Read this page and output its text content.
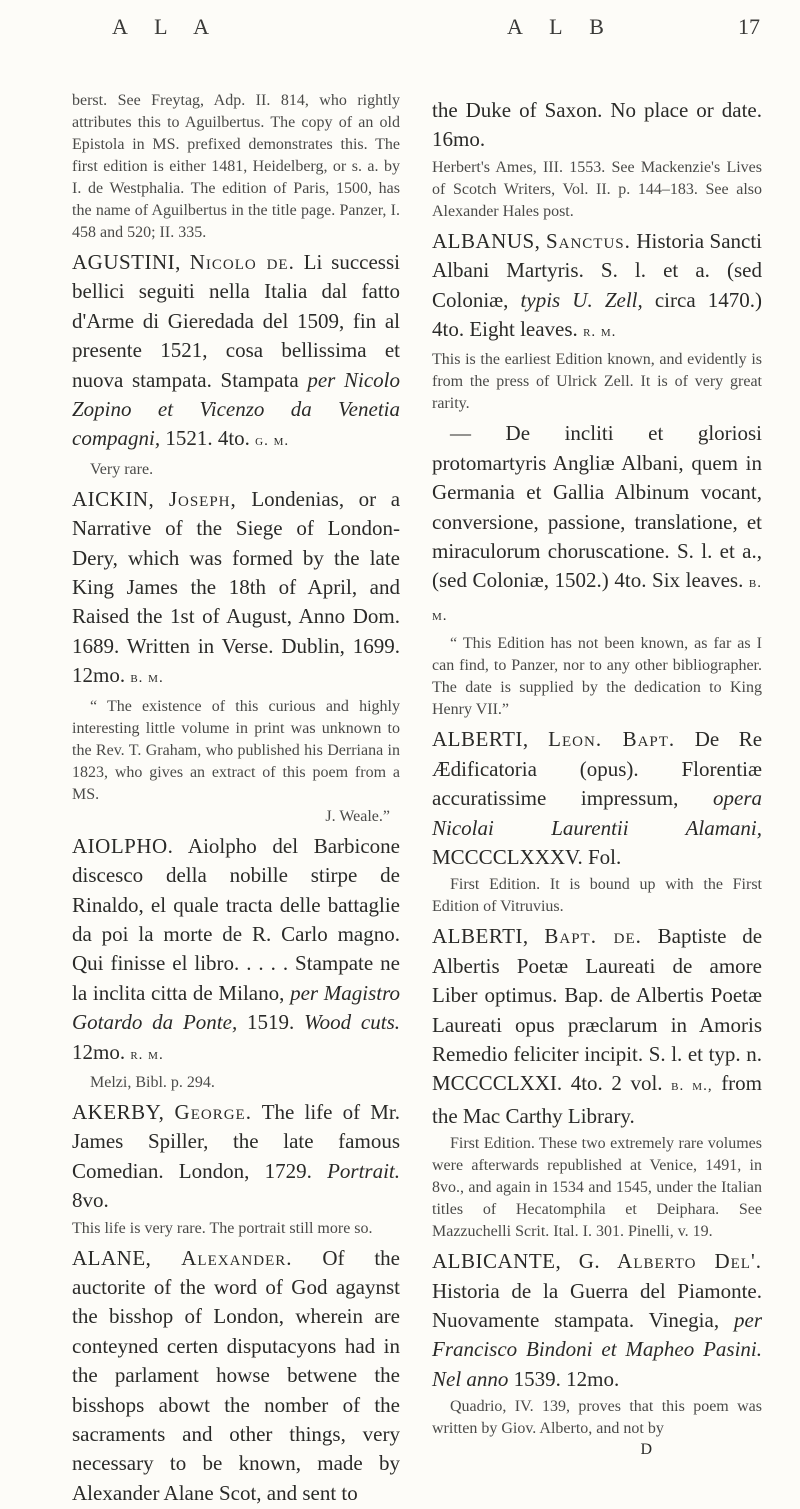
A L A	A L B	17

berst. See Freytag, Adp. II. 814, who rightly attributes this to Aguilbertus. The copy of an old Epistola in MS. prefixed demonstrates this. The first edition is either 1481, Heidelberg, or s. a. by I. de Westphalia. The edition of Paris, 1500, has the name of Aguilbertus in the title page. Panzer, I. 458 and 520; II. 335.

AGUSTINI, Nicolo de. Li successi bellici seguiti nella Italia dal fatto d'Arme di Gieredada del 1509, fin al presente 1521, cosa bellissima et nuova stampata. Stampata per Nicolo Zopino et Vicenzo da Venetia compagni, 1521. 4to. g. m.

Very rare.

AICKIN, Joseph, Londenias, or a Narrative of the Siege of London-Dery, which was formed by the late King James the 18th of April, and Raised the 1st of August, Anno Dom. 1689. Written in Verse. Dublin, 1699. 12mo. b. m.

“ The existence of this curious and highly interesting little volume in print was unknown to the Rev. T. Graham, who published his Derriana in 1823, who gives an extract of this poem from a MS.

J. Weale.”

AIOLPHO. Aiolpho del Barbicone discesco della nobille stirpe de Rinaldo, el quale tracta delle battaglie da poi la morte de R. Carlo magno. Qui finisse el libro. . . . . Stampate ne la inclita citta de Milano, per Magistro Gotardo da Ponte, 1519. Wood cuts. 12mo. r. m.

Melzi, Bibl. p. 294.

AKERBY, George. The life of Mr. James Spiller, the late famous Comedian. London, 1729. Portrait. 8vo.

This life is very rare. The portrait still more so.

ALANE, Alexander. Of the auctorite of the word of God agaynst the bisshop of London, wherein are conteyned certen disputacyons had in the parlament howse betwene the bisshops abowt the nomber of the sacraments and other things, very necessary to be known, made by Alexander Alane Scot, and sent to

the Duke of Saxon. No place or date. 16mo.

Herbert's Ames, III. 1553. See Mackenzie's Lives of Scotch Writers, Vol. II. p. 144–183. See also Alexander Hales post.

ALBANUS, Sanctus. Historia Sancti Albani Martyris. S. l. et a. (sed Coloniæ, typis U. Zell, circa 1470.) 4to. Eight leaves. r. m.

This is the earliest Edition known, and evidently is from the press of Ulrick Zell. It is of very great rarity.

— De incliti et gloriosi protomartyris Angliæ Albani, quem in Germania et Gallia Albinum vocant, conversione, passione, translatione, et miraculorum choruscatione. S. l. et a., (sed Coloniæ, 1502.) 4to. Six leaves. b. m.

“ This Edition has not been known, as far as I can find, to Panzer, nor to any other bibliographer. The date is supplied by the dedication to King Henry VII.”

ALBERTI, Leon. Bapt. De Re Ædificatoria (opus). Florentiæ accuratissime impressum, opera Nicolai Laurentii Alamani, MCCCCLXXXV. Fol.

First Edition. It is bound up with the First Edition of Vitruvius.

ALBERTI, Bapt. de. Baptiste de Albertis Poetæ Laureati de amore Liber optimus. Bap. de Albertis Poetæ Laureati opus præclarum in Amoris Remedio feliciter incipit. S. l. et typ. n. MCCCCLXXI. 4to. 2 vol. b. m., from the Mac Carthy Library.

First Edition. These two extremely rare volumes were afterwards republished at Venice, 1491, in 8vo., and again in 1534 and 1545, under the Italian titles of Hecatomphila et Deiphara. See Mazzuchelli Scrit. Ital. I. 301. Pinelli, v. 19.

ALBICANTE, G. Alberto Del'. Historia de la Guerra del Piamonte. Nuovamente stampata. Vinegia, per Francisco Bindoni et Mapheo Pasini. Nel anno 1539. 12mo.

Quadrio, IV. 139, proves that this poem was written by Giov. Alberto, and not by

D
